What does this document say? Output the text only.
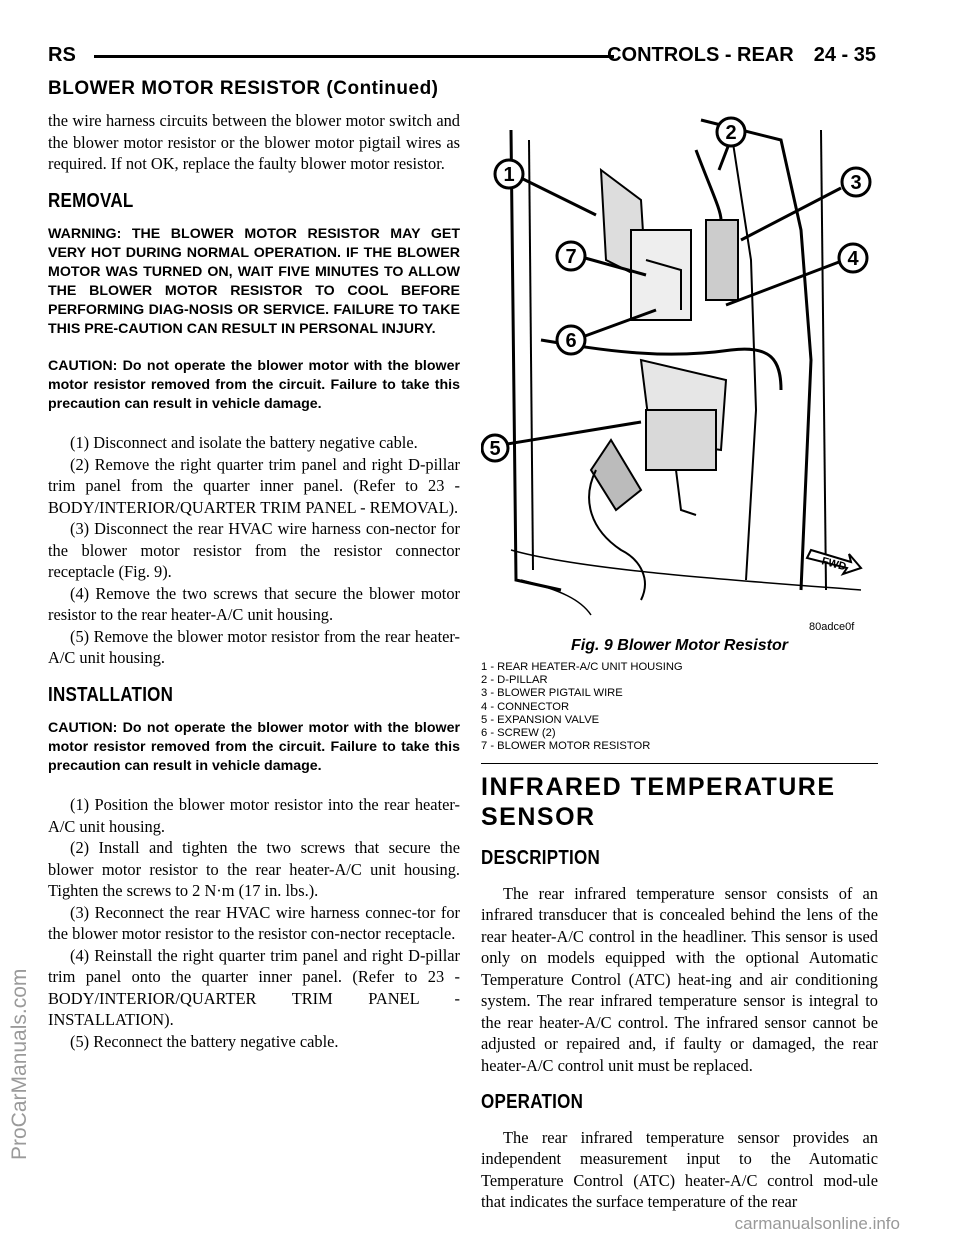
RS	CONTROLS - REAR 24 - 35
BLOWER MOTOR RESISTOR (Continued)

the wire harness circuits between the blower motor switch and the blower motor resistor or the blower motor pigtail wires as required. If not OK, replace the faulty blower motor resistor.

REMOVAL
WARNING: THE BLOWER MOTOR RESISTOR MAY GET VERY HOT DURING NORMAL OPERATION. IF THE BLOWER MOTOR WAS TURNED ON, WAIT FIVE MINUTES TO ALLOW THE BLOWER MOTOR RESISTOR TO COOL BEFORE PERFORMING DIAG-NOSIS OR SERVICE. FAILURE TO TAKE THIS PRE-CAUTION CAN RESULT IN PERSONAL INJURY.
CAUTION: Do not operate the blower motor with the blower motor resistor removed from the circuit. Failure to take this precaution can result in vehicle damage.

(1) Disconnect and isolate the battery negative cable.

(2) Remove the right quarter trim panel and right D-pillar trim panel from the quarter inner panel. (Refer to 23 - BODY/INTERIOR/QUARTER TRIM PANEL - REMOVAL).

(3) Disconnect the rear HVAC wire harness con-nector for the blower motor resistor from the resistor connector receptacle (Fig. 9).

(4) Remove the two screws that secure the blower motor resistor to the rear heater-A/C unit housing.

(5) Remove the blower motor resistor from the rear heater-A/C unit housing.

INSTALLATION
CAUTION: Do not operate the blower motor with the blower motor resistor removed from the circuit. Failure to take this precaution can result in vehicle damage.

(1) Position the blower motor resistor into the rear heater-A/C unit housing.

(2) Install and tighten the two screws that secure the blower motor resistor to the rear heater-A/C unit housing. Tighten the screws to 2 N·m (17 in. lbs.).

(3) Reconnect the rear HVAC wire harness connec-tor for the blower motor resistor to the resistor con-nector receptacle.

(4) Reinstall the right quarter trim panel and right D-pillar trim panel onto the quarter inner panel. (Refer to 23 - BODY/INTERIOR/QUARTER TRIM PANEL - INSTALLATION).

(5) Reconnect the battery negative cable.

1
2
3
4
7
6
5
FWD
80adce0f
Fig. 9 Blower Motor Resistor
1 - REAR HEATER-A/C UNIT HOUSING
2 - D-PILLAR
3 - BLOWER PIGTAIL WIRE
4 - CONNECTOR
5 - EXPANSION VALVE
6 - SCREW (2)
7 - BLOWER MOTOR RESISTOR
INFRARED TEMPERATURE
SENSOR
DESCRIPTION

The rear infrared temperature sensor consists of an infrared transducer that is concealed behind the lens of the rear heater-A/C control in the headliner. This sensor is used only on models equipped with the optional Automatic Temperature Control (ATC) heat-ing and air conditioning system. The rear infrared temperature sensor is integral to the rear heater-A/C control. The infrared sensor cannot be adjusted or repaired and, if faulty or damaged, the rear heater-A/C control unit must be replaced.

OPERATION

The rear infrared temperature sensor provides an independent measurement input to the Automatic Temperature Control (ATC) heater-A/C control mod-ule that indicates the surface temperature of the rear

ProCarManuals.com
carmanualsonline.info
